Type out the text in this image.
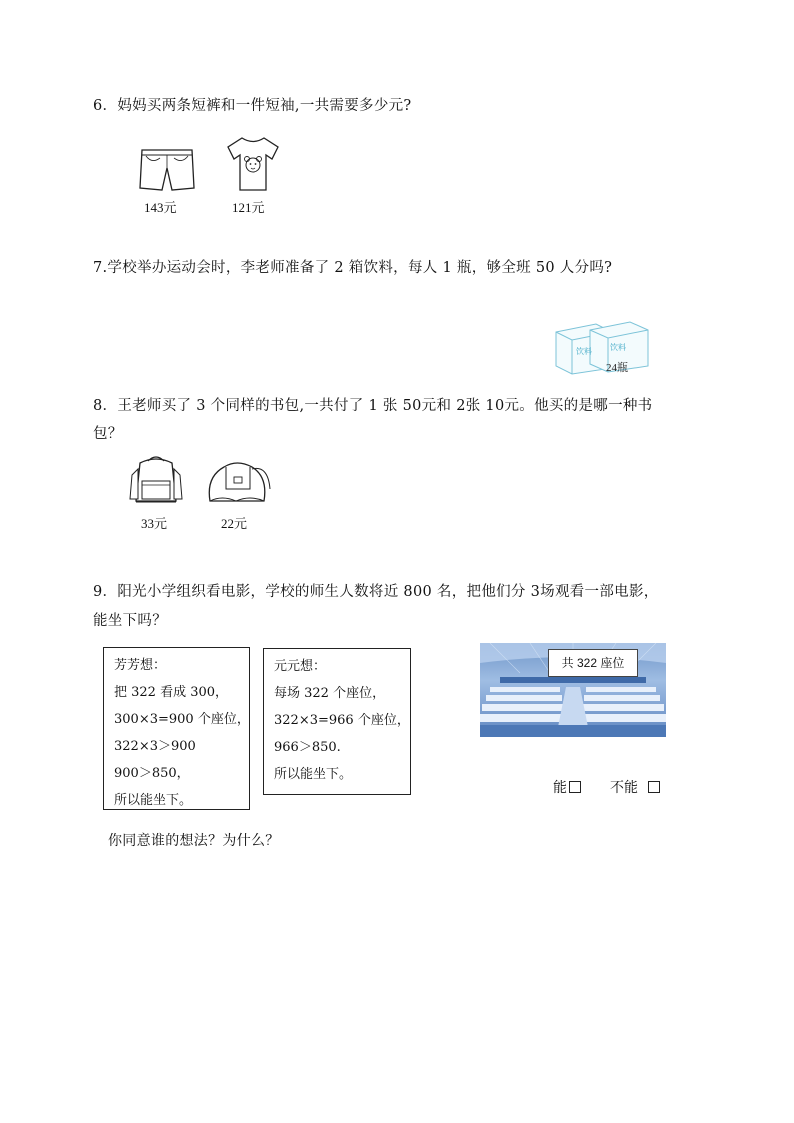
6．妈妈买两条短裤和一件短袖,一共需要多少元?
143元	121元
7.学校举办运动会时，李老师准备了 2 箱饮料，每人 1 瓶，够全班 50 人分吗?
饮料 饮料
24瓶
8．王老师买了 3 个同样的书包,一共付了 1 张 50元和 2张 10元。他买的是哪一种书
包？
33元	22元
9．阳光小学组织看电影，学校的师生人数将近 800 名，把他们分 3场观看一部电影，
能坐下吗？
芳芳想：
把 322 看成 300，
300×3=900 个座位，
322×3＞900
900＞850，
所以能坐下。
元元想：
每场 322 个座位，
322×3=966 个座位，
966＞850.
所以能坐下。
共 322 座位
能	不能
你同意谁的想法？为什么？
